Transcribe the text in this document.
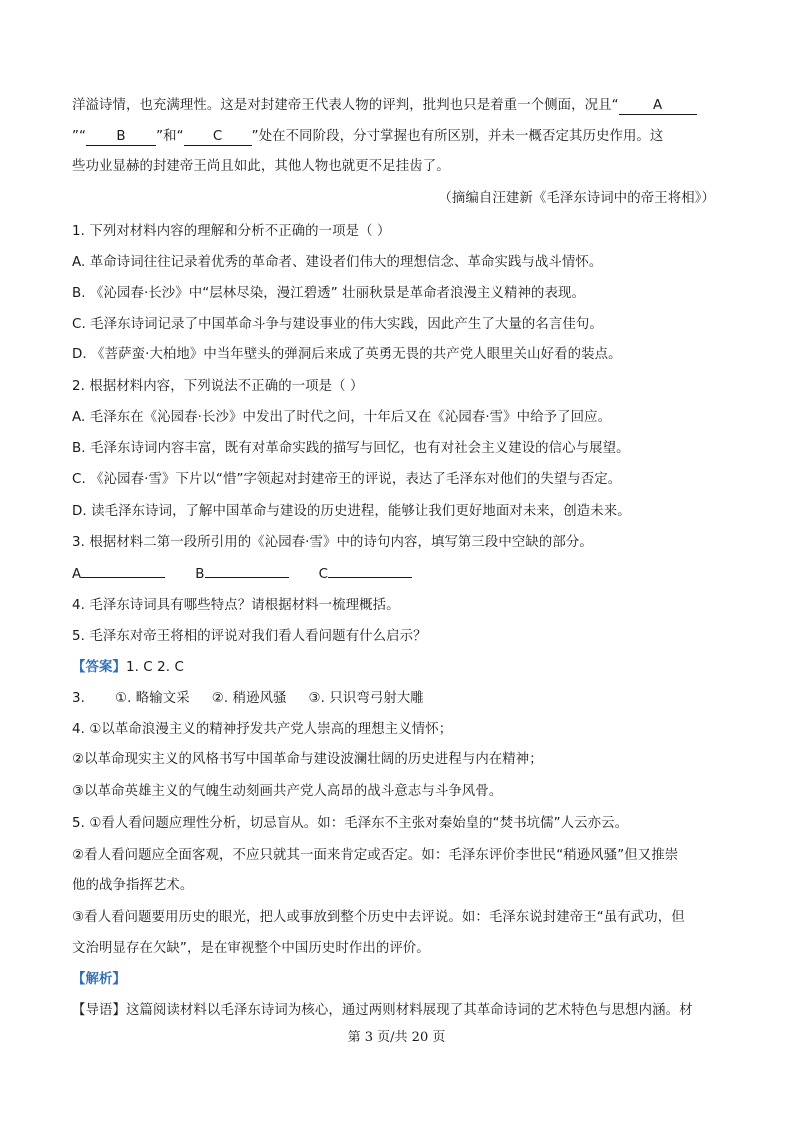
洋溢诗情，也充满理性。这是对封建帝王代表人物的评判，批判也只是着重一个侧面，况且“	A
”“ B ”和“ C ”处在不同阶段，分寸掌握也有所区别，并未一概否定其历史作用。这
些功业显赫的封建帝王尚且如此，其他人物也就更不足挂齿了。
（摘编自汪建新《毛泽东诗词中的帝王将相》）
1. 下列对材料内容的理解和分析不正确的一项是（ ）
A. 革命诗词往往记录着优秀的革命者、建设者们伟大的理想信念、革命实践与战斗情怀。
B. 《沁园春·长沙》中“层林尽染，漫江碧透” 壮丽秋景是革命者浪漫主义精神的表现。
C. 毛泽东诗词记录了中国革命斗争与建设事业的伟大实践，因此产生了大量的名言佳句。
D. 《菩萨蛮·大柏地》中当年壁头的弹洞后来成了英勇无畏的共产党人眼里关山好看的装点。
2. 根据材料内容，下列说法不正确的一项是（ ）
A. 毛泽东在《沁园春·长沙》中发出了时代之问，十年后又在《沁园春·雪》中给予了回应。
B. 毛泽东诗词内容丰富，既有对革命实践的描写与回忆，也有对社会主义建设的信心与展望。
C. 《沁园春·雪》下片以“惜”字领起对封建帝王的评说，表达了毛泽东对他们的失望与否定。
D. 读毛泽东诗词，了解中国革命与建设的历史进程，能够让我们更好地面对未来，创造未来。
3. 根据材料二第一段所引用的《沁园春·雪》中的诗句内容，填写第三段中空缺的部分。
A	B	C
4. 毛泽东诗词具有哪些特点？请根据材料一梳理概括。
5. 毛泽东对帝王将相的评说对我们看人看问题有什么启示？
【答案】1. C 2. C
3. ①. 略输文采 ②. 稍逊风骚 ③. 只识弯弓射大雕
4. ①以革命浪漫主义的精神抒发共产党人崇高的理想主义情怀；
②以革命现实主义的风格书写中国革命与建设波澜壮阔的历史进程与内在精神；
③以革命英雄主义的气魄生动刻画共产党人高昂的战斗意志与斗争风骨。
5. ①看人看问题应理性分析，切忌盲从。如：毛泽东不主张对秦始皇的“焚书坑儒”人云亦云。
②看人看问题应全面客观，不应只就其一面来肯定或否定。如：毛泽东评价李世民“稍逊风骚”但又推崇
他的战争指挥艺术。
③看人看问题要用历史的眼光，把人或事放到整个历史中去评说。如：毛泽东说封建帝王“虽有武功，但
文治明显存在欠缺”，是在审视整个中国历史时作出的评价。
【解析】
【导语】这篇阅读材料以毛泽东诗词为核心，通过两则材料展现了其革命诗词的艺术特色与思想内涵。材
第 3 页/共 20 页
